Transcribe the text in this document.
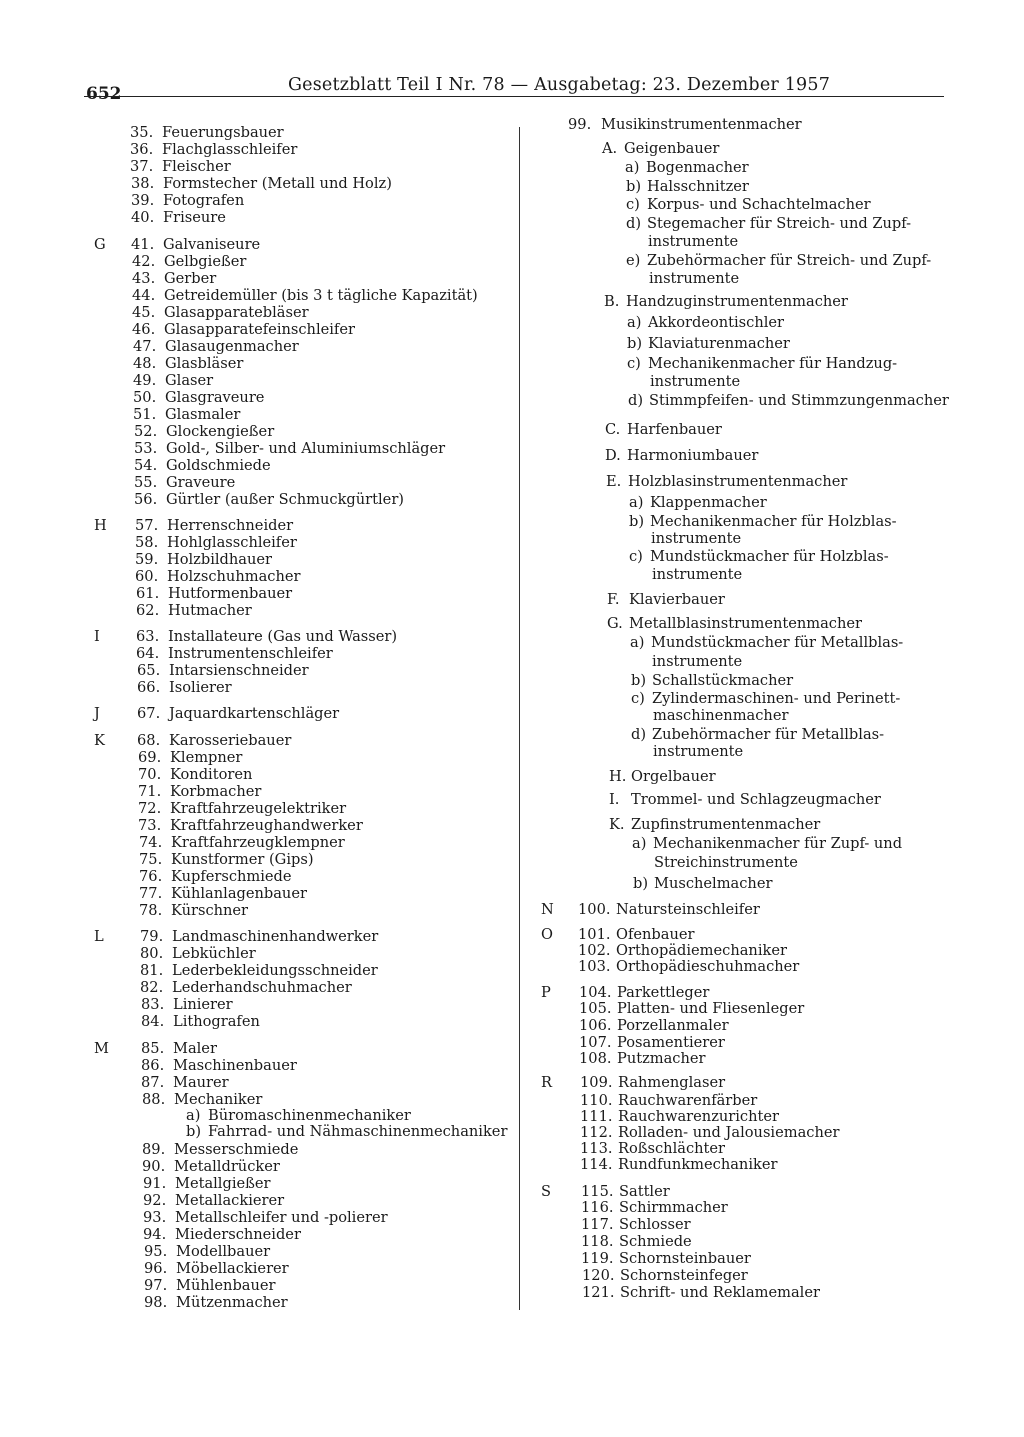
652	Gesetzblatt Teil I Nr. 78 — Ausgabetag: 23. Dezember 1957
35. Feuerungsbauer
36. Flachglasschleifer
37. Fleischer
38. Formstecher (Metall und Holz)
39. Fotografen
40. Friseure
G 41. Galvaniseure
42. Gelbgießer
43. Gerber
44. Getreidemüller (bis 3 t tägliche Kapazität)
45. Glasapparatebläser
46. Glasapparatefeinschleifer
47. Glasaugenmacher
48. Glasbläser
49. Glaser
50. Glasgraveure
51. Glasmaler
52. Glockengießer
53. Gold-, Silber- und Aluminiumschläger
54. Goldschmiede
55. Graveure
56. Gürtler (außer Schmuckgürtler)
H 57. Herrenschneider
58. Hohlglasschleifer
59. Holzbildhauer
60. Holzschuhmacher
61. Hutformenbauer
62. Hutmacher
I 63. Installateure (Gas und Wasser)
64. Instrumentenschleifer
65. Intarsienschneider
66. Isolierer
J	67. Jaquardkartenschläger
K 68. Karosseriebauer
69. Klempner
70. Konditoren
71. Korbmacher
72. Kraftfahrzeugelektriker
73. Kraftfahrzeughandwerker
74. Kraftfahrzeugklempner
75. Kunstformer (Gips)
76. Kupferschmiede
77. Kühlanlagenbauer
78. Kürschner
L 79. Landmaschinenhandwerker
80. Lebküchler
81. Lederbekleidungsschneider
82. Lederhandschuhmacher
83. Linierer
84. Lithografen
M 85. Maler
86. Maschinenbauer
87. Maurer
88. Mechaniker
a) Büromaschinenmechaniker
b) Fahrrad- und Nähmaschinenmechaniker
89. Messerschmiede
90. Metalldrücker
91. Metallgießer
92. Metallackierer
93. Metallschleifer und -polierer
94. Miederschneider
95. Modellbauer
96. Möbellackierer
97. Mühlenbauer
98. Mützenmacher
99. Musikinstrumentenmacher
A. Geigenbauer
a) Bogenmacher
b) Halsschnitzer
c) Korpus- und Schachtelmacher
d) Stegemacher für Streich- und Zupf-
instrumente
e) Zubehörmacher für Streich- und Zupf-
instrumente
B. Handzuginstrumentenmacher
a) Akkordeontischler
b) Klaviaturenmacher
c) Mechanikenmacher für Handzug-
instrumente
d) Stimmpfeifen- und Stimmzungenmacher
C. Harfenbauer
D. Harmoniumbauer
E. Holzblasinstrumentenmacher
a) Klappenmacher
b) Mechanikenmacher für Holzblas-
instrumente
c) Mundstückmacher für Holzblas-
instrumente
F. Klavierbauer
G. Metallblasinstrumentenmacher
a) Mundstückmacher für Metallblas-
instrumente
b) Schallstückmacher
c) Zylindermaschinen- und Perinett-
maschinenmacher
d) Zubehörmacher für Metallblas-
instrumente
H. Orgelbauer
I. Trommel- und Schlagzeugmacher
K. Zupfinstrumentenmacher
a) Mechanikenmacher für Zupf- und
Streichinstrumente
b) Muschelmacher
N 100. Natursteinschleifer
O 101. Ofenbauer
102. Orthopädiemechaniker
103. Orthopädieschuhmacher
P 104. Parkettleger
105. Platten- und Fliesenleger
106. Porzellanmaler
107. Posamentierer
108. Putzmacher
R 109. Rahmenglaser
110. Rauchwarenfärber
111. Rauchwarenzurichter
112. Rolladen- und Jalousiemacher
113. Roßschlächter
114. Rundfunkmechaniker
S 115. Sattler
116. Schirmmacher
117. Schlosser
118. Schmiede
119. Schornsteinbauer
120. Schornsteinfeger
121. Schrift- und Reklamemaler
